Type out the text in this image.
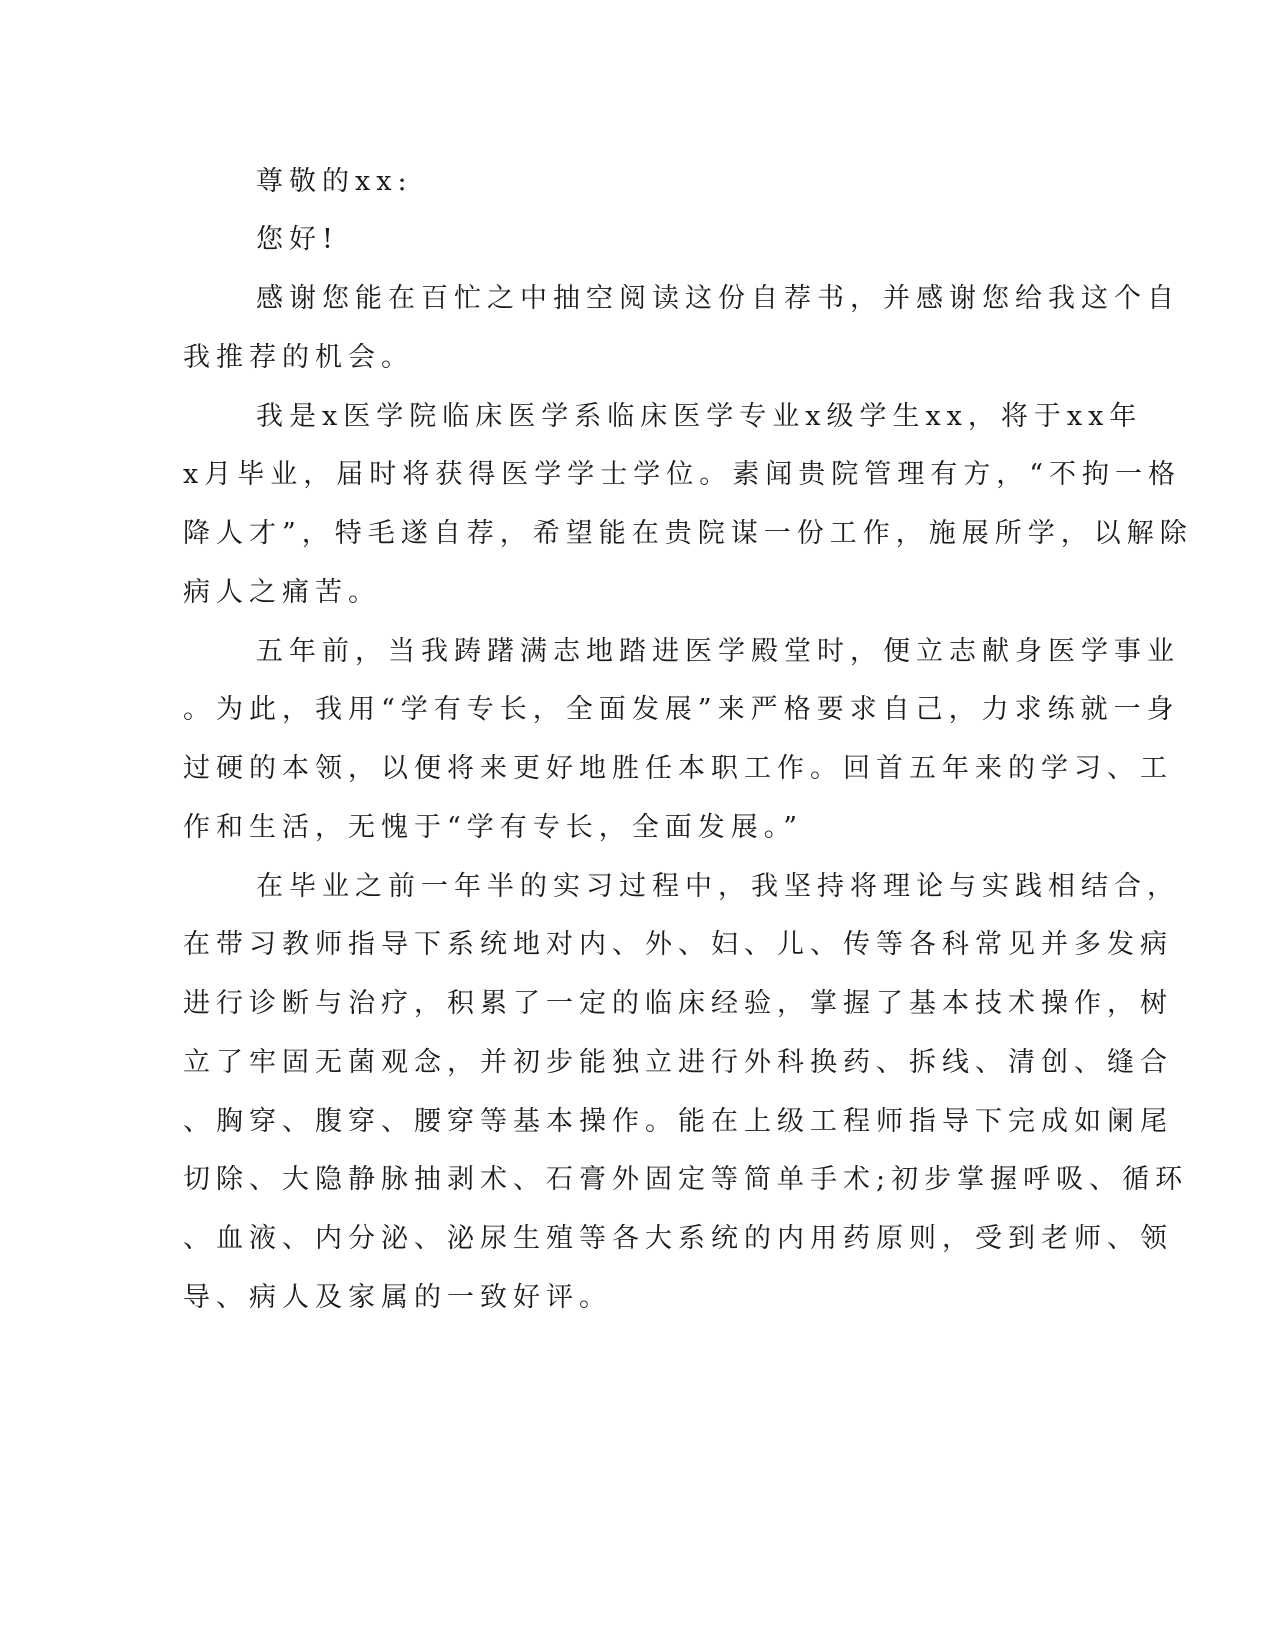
尊敬的xx:

您好!

感谢您能在百忙之中抽空阅读这份自荐书，并感谢您给我这个自

我推荐的机会。

我是x医学院临床医学系临床医学专业x级学生xx，将于xx年

x月毕业，届时将获得医学学士学位。素闻贵院管理有方，“不拘一格

降人才”，特毛遂自荐，希望能在贵院谋一份工作，施展所学，以解除

病人之痛苦。

五年前，当我踌躇满志地踏进医学殿堂时，便立志献身医学事业

。为此，我用“学有专长，全面发展”来严格要求自己，力求练就一身

过硬的本领，以便将来更好地胜任本职工作。回首五年来的学习、工

作和生活，无愧于“学有专长，全面发展。”

在毕业之前一年半的实习过程中，我坚持将理论与实践相结合，

在带习教师指导下系统地对内、外、妇、儿、传等各科常见并多发病

进行诊断与治疗，积累了一定的临床经验，掌握了基本技术操作，树

立了牢固无菌观念，并初步能独立进行外科换药、拆线、清创、缝合

、胸穿、腹穿、腰穿等基本操作。能在上级工程师指导下完成如阑尾

切除、大隐静脉抽剥术、石膏外固定等简单手术;初步掌握呼吸、循环

、血液、内分泌、泌尿生殖等各大系统的内用药原则，受到老师、领

导、病人及家属的一致好评。
